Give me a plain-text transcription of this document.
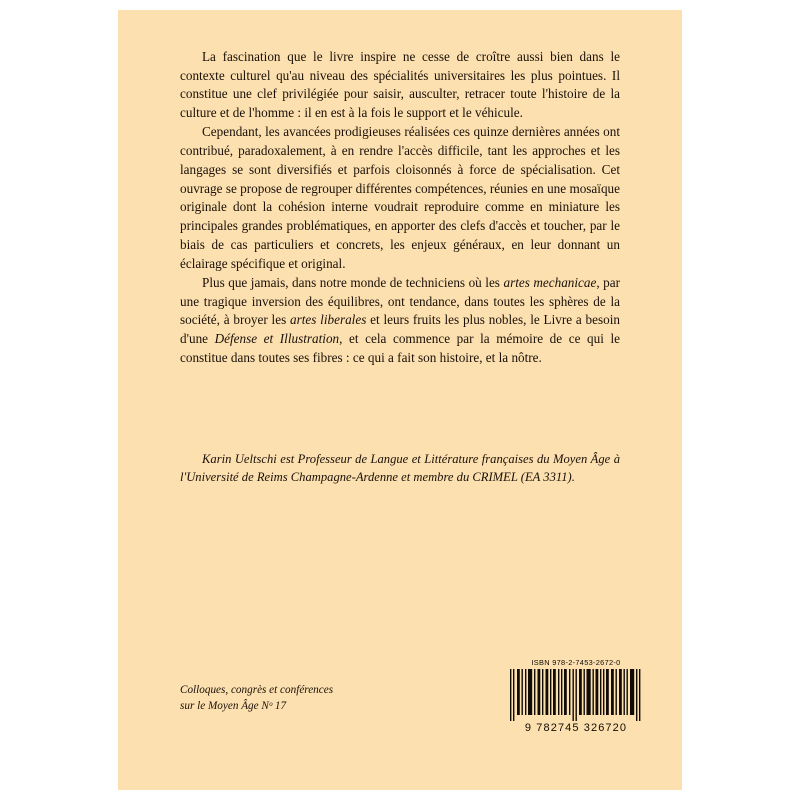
La fascination que le livre inspire ne cesse de croître aussi bien dans le contexte culturel qu'au niveau des spécialités universitaires les plus pointues. Il constitue une clef privilégiée pour saisir, ausculter, retracer toute l'histoire de la culture et de l'homme : il en est à la fois le support et le véhicule.

Cependant, les avancées prodigieuses réalisées ces quinze dernières années ont contribué, paradoxalement, à en rendre l'accès difficile, tant les approches et les langages se sont diversifiés et parfois cloisonnés à force de spécialisation. Cet ouvrage se propose de regrouper différentes compétences, réunies en une mosaïque originale dont la cohésion interne voudrait reproduire comme en miniature les principales grandes problématiques, en apporter des clefs d'accès et toucher, par le biais de cas particuliers et concrets, les enjeux généraux, en leur donnant un éclairage spécifique et original.

Plus que jamais, dans notre monde de techniciens où les artes mechanicae, par une tragique inversion des équilibres, ont tendance, dans toutes les sphères de la société, à broyer les artes liberales et leurs fruits les plus nobles, le Livre a besoin d'une Défense et Illustration, et cela commence par la mémoire de ce qui le constitue dans toutes ses fibres : ce qui a fait son histoire, et la nôtre.

Karin Ueltschi est Professeur de Langue et Littérature françaises du Moyen Âge à l'Université de Reims Champagne-Ardenne et membre du CRIMEL (EA 3311).
Colloques, congrès et conférences
sur le Moyen Âge Nᵒ 17
ISBN 978-2-7453-2672-0
9 782745 326720
